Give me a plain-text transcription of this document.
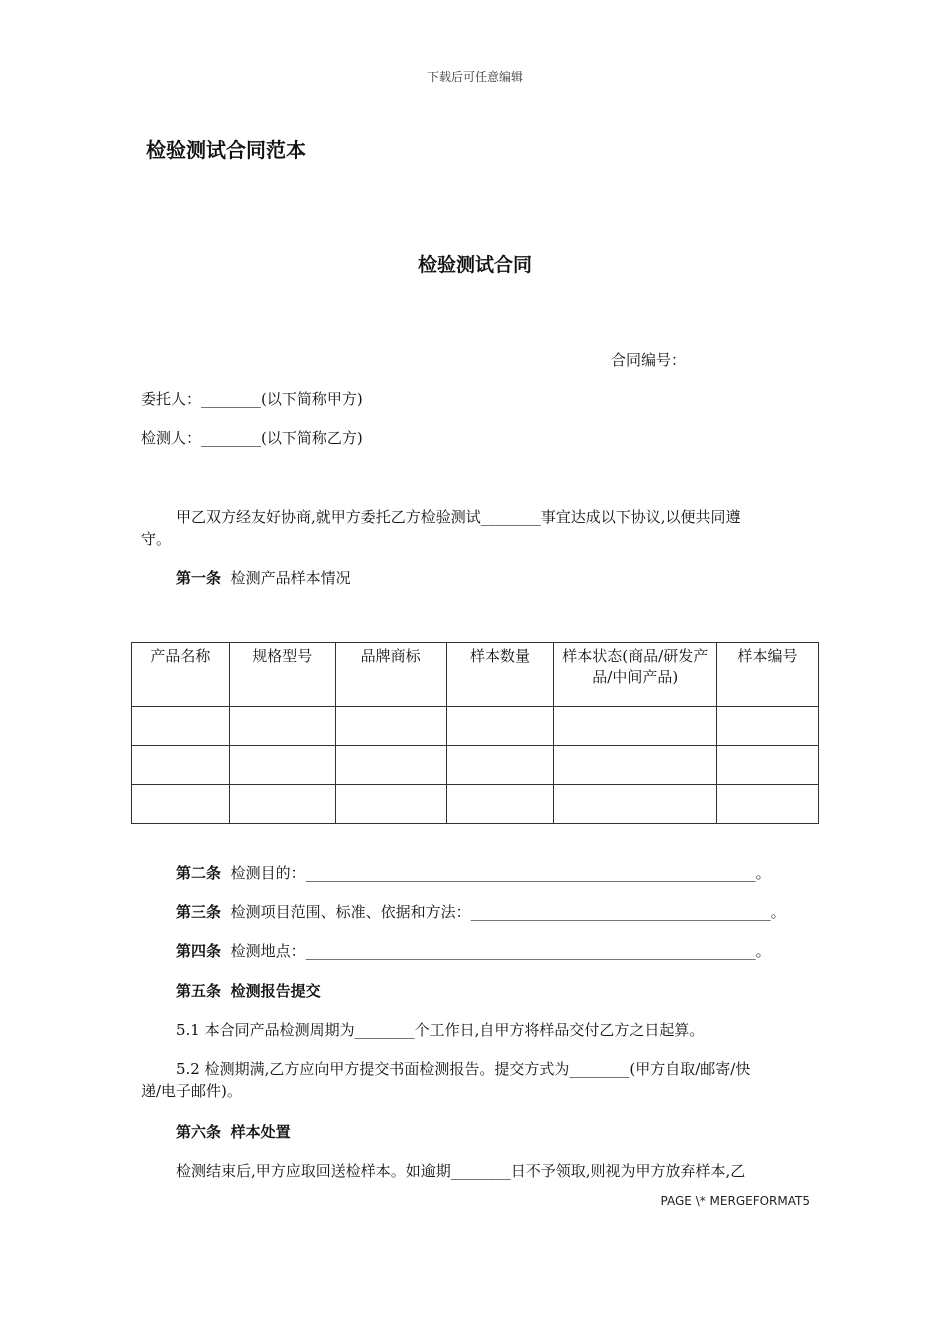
下载后可任意编辑
检验测试合同范本
检验测试合同
合同编号：
委托人：________(以下简称甲方)
检测人：________(以下简称乙方)
甲乙双方经友好协商,就甲方委托乙方检验测试________事宜达成以下协议,以便共同遵
守。
第一条 检测产品样本情况
产品名称	规格型号	品牌商标	样本数量	样本状态(商品/研发产品/中间产品)	样本编号

第二条 检测目的：____________________________________________________________。
第三条 检测项目范围、标准、依据和方法：________________________________________。
第四条 检测地点：____________________________________________________________。
第五条 检测报告提交
5.1 本合同产品检测周期为________个工作日,自甲方将样品交付乙方之日起算。
5.2 检测期满,乙方应向甲方提交书面检测报告。提交方式为________(甲方自取/邮寄/快
递/电子邮件)。
第六条 样本处置
检测结束后,甲方应取回送检样本。如逾期________日不予领取,则视为甲方放弃样本,乙
PAGE \* MERGEFORMAT5
